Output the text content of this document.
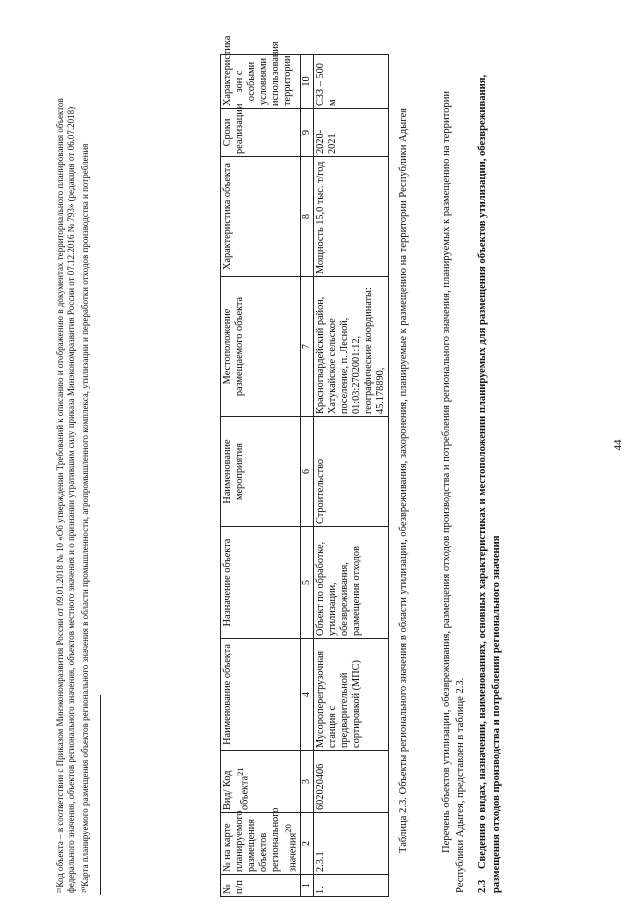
44
2.3 Сведения о видах, назначении, наименованиях, основных характеристиках и местоположении планируемых для размещения объектов утилизации, обезвреживания, размещения отходов производства и потребления регионального значения
Перечень объектов утилизации, обезвреживания, размещения отходов производства и потребления регионального значения, планируемых к размещению на территории Республики Адыгея, представлен в таблице 2.3.
Таблица 2.3. Объекты регионального значения в области утилизации, обезвреживания, захоронения, планируемые к размещению на территории Республики Адыгея
№ п/п	№ на карте планируемого размещения объектов регионального значения$^{20}$	Вид/ Код объекта$^{21}$	Наименование объекта	Назначение объекта	Наименование мероприятия	Местоположение размещаемого объекта	Характеристика объекта	Сроки реализации	Характеристика зон с особыми условиями использования территории
1	2	3	4	5	6	7	8	9	10
1.	2.3.1	602020406	Мусороперегрузочная станция с предварительной сортировкой (МПС)	Объект по обработке, утилизации, обезвреживания, размещения отходов	Строительство	Красногвардейский район, Хатукайское сельское поселение, п. Лесной, 01:03:2702001:12, географические координаты: 45.178890,	Мощность 15,0 тыс. т/год	2020-2021	СЗЗ – 500 м
²⁰Карта планируемого размещения объектов регионального значения в области промышленности, агропромышленного комплекса, утилизации и переработки отходов производства и потребления
²¹Код объекта – в соответствии с Приказом Минэкономразвития России от 09.01.2018 № 10 «Об утверждении Требований к описанию и отображению в документах территориального планирования объектов федерального значения, объектов регионального значения, объектов местного значения и о признании утратившим силу приказа Минэкономразвития России от 07.12.2016 № 793» (редакция от 06.07.2018)
